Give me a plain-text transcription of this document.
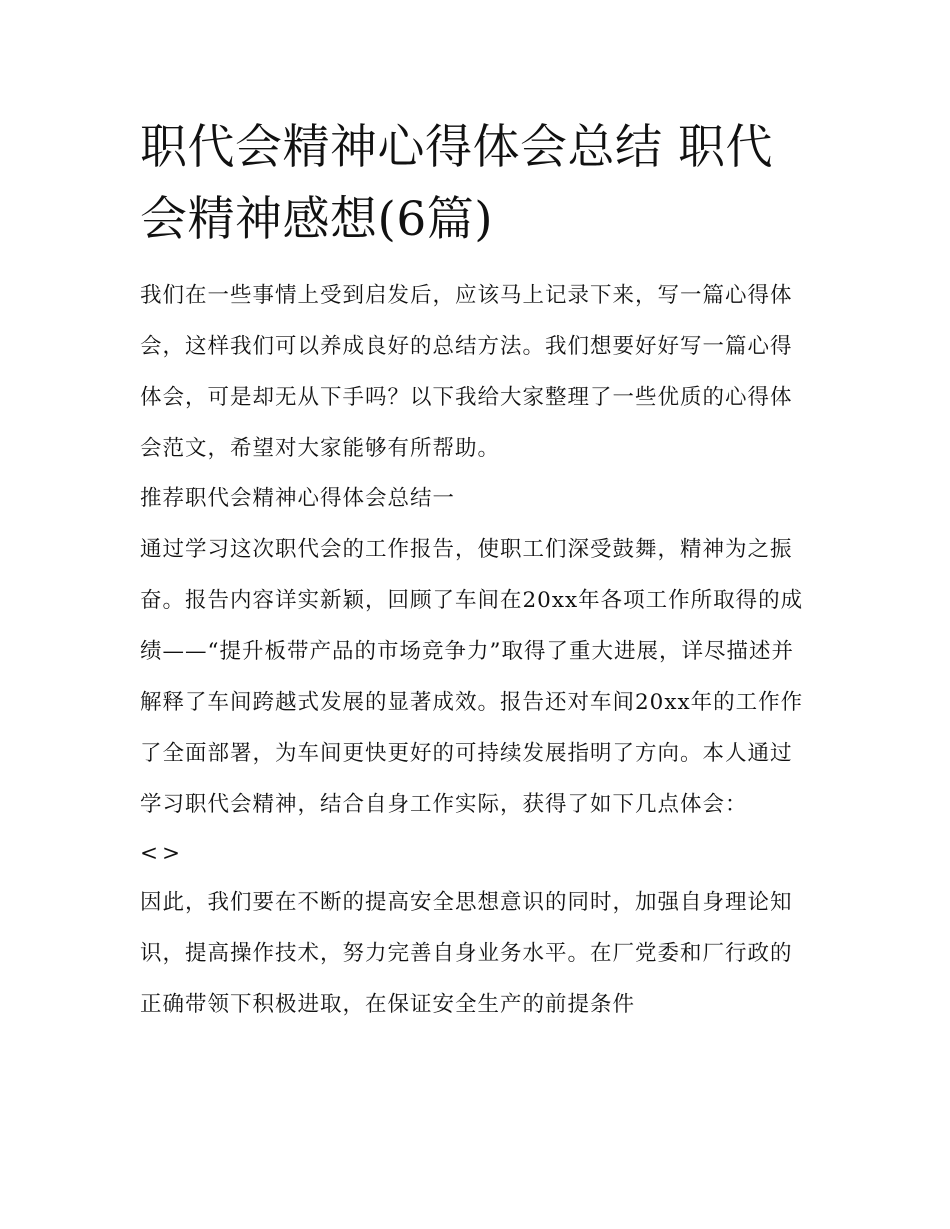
职代会精神心得体会总结 职代会精神感想(6篇)

我们在一些事情上受到启发后，应该马上记录下来，写一篇心得体会，这样我们可以养成良好的总结方法。我们想要好好写一篇心得体会，可是却无从下手吗？以下我给大家整理了一些优质的心得体会范文，希望对大家能够有所帮助。

推荐职代会精神心得体会总结一

通过学习这次职代会的工作报告，使职工们深受鼓舞，精神为之振奋。报告内容详实新颖，回顾了车间在20xx年各项工作所取得的成绩——“提升板带产品的市场竞争力”取得了重大进展，详尽描述并解释了车间跨越式发展的显著成效。报告还对车间20xx年的工作作了全面部署，为车间更快更好的可持续发展指明了方向。本人通过学习职代会精神，结合自身工作实际，获得了如下几点体会：

<>

因此，我们要在不断的提高安全思想意识的同时，加强自身理论知识，提高操作技术，努力完善自身业务水平。在厂党委和厂行政的正确带领下积极进取，在保证安全生产的前提条件
